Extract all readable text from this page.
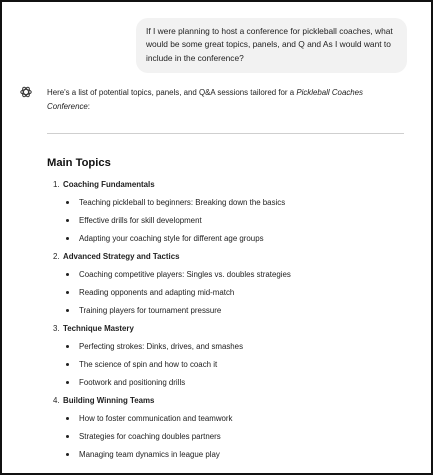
If I were planning to host a conference for pickleball coaches, what would be some great topics, panels, and Q and As I would want to include in the conference?

Here's a list of potential topics, panels, and Q&A sessions tailored for a Pickleball Coaches Conference:

Main Topics
1. Coaching Fundamentals
Teaching pickleball to beginners: Breaking down the basics
Effective drills for skill development
Adapting your coaching style for different age groups
2. Advanced Strategy and Tactics
Coaching competitive players: Singles vs. doubles strategies
Reading opponents and adapting mid-match
Training players for tournament pressure
3. Technique Mastery
Perfecting strokes: Dinks, drives, and smashes
The science of spin and how to coach it
Footwork and positioning drills
4. Building Winning Teams
How to foster communication and teamwork
Strategies for coaching doubles partners
Managing team dynamics in league play
